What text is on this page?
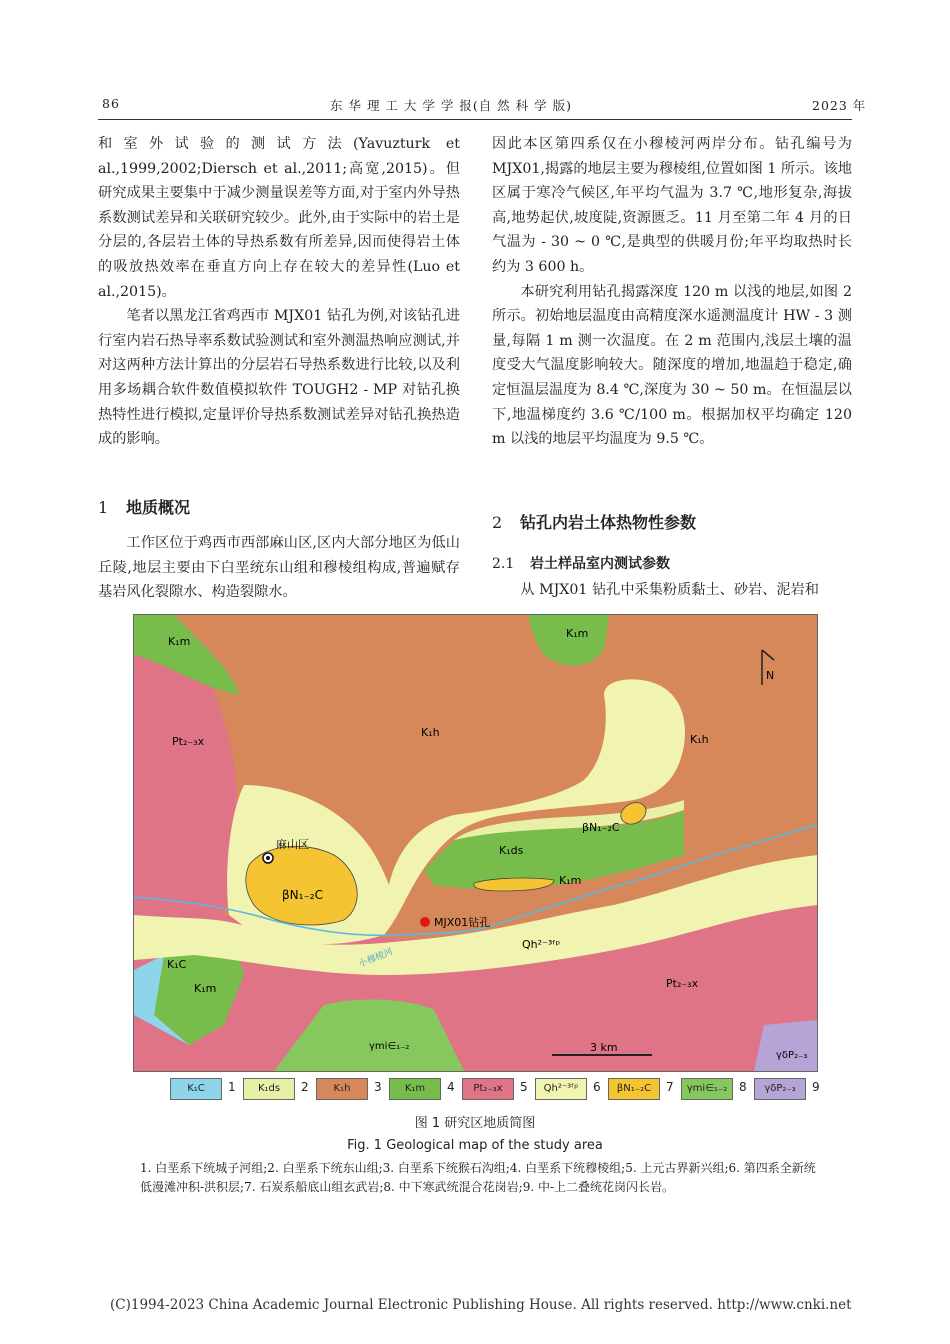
86	东 华 理 工 大 学 学 报(自 然 科 学 版)	2023 年

和室外试验的测试方法(Yavuzturk et al.,1999,2002;Diersch et al.,2011;高宽,2015)。但研究成果主要集中于减少测量误差等方面,对于室内外导热系数测试差异和关联研究较少。此外,由于实际中的岩土是分层的,各层岩土体的导热系数有所差异,因而使得岩土体的吸放热效率在垂直方向上存在较大的差异性(Luo et al.,2015)。

笔者以黑龙江省鸡西市 MJX01 钻孔为例,对该钻孔进行室内岩石热导率系数试验测试和室外测温热响应测试,并对这两种方法计算出的分层岩石导热系数进行比较,以及利用多场耦合软件数值模拟软件 TOUGH2 - MP 对钻孔换热特性进行模拟,定量评价导热系数测试差异对钻孔换热造成的影响。

1 地质概况

工作区位于鸡西市西部麻山区,区内大部分地区为低山丘陵,地层主要由下白垩统东山组和穆棱组构成,普遍赋存基岩风化裂隙水、构造裂隙水。

因此本区第四系仅在小穆棱河两岸分布。钻孔编号为 MJX01,揭露的地层主要为穆棱组,位置如图 1 所示。该地区属于寒冷气候区,年平均气温为 3.7 ℃,地形复杂,海拔高,地势起伏,坡度陡,资源匮乏。11 月至第二年 4 月的日气温为 - 30 ~ 0 ℃,是典型的供暖月份;年平均取热时长约为 3 600 h。

本研究利用钻孔揭露深度 120 m 以浅的地层,如图 2 所示。初始地层温度由高精度深水遥测温度计 HW - 3 测量,每隔 1 m 测一次温度。在 2 m 范围内,浅层土壤的温度受大气温度影响较大。随深度的增加,地温趋于稳定,确定恒温层温度为 8.4 ℃,深度为 30 ~ 50 m。在恒温层以下,地温梯度约 3.6 ℃/100 m。根据加权平均确定 120 m 以浅的地层平均温度为 9.5 ℃。

2 钻孔内岩土体热物性参数
2.1 岩土样品室内测试参数

从 MJX01 钻孔中采集粉质黏土、砂岩、泥岩和

K₁m
K₁m
Pt₂₋₃x
K₁h
K₁h
N
βN₁₋₂C
K₁ds
K₁m
麻山区
βN₁₋₂C
MJX01钻孔
Qh²⁻³ᶠᵖ
小穆棱河
K₁C
K₁m	Pt₂₋₃x
γmi∈₁₋₂	3 km
γδP₂₋₃
K₁C	1	K₁ds	2	K₁h	3	K₁m	4	Pt₂₋₃x	5	Qh²⁻³ᶠᵖ	6	βN₁₋₂C	7	γmi∈₁₋₂ 8	γδP₂₋₃	9
图 1 研究区地质简图
Fig. 1 Geological map of the study area
1. 白垩系下统城子河组;2. 白垩系下统东山组;3. 白垩系下统猴石沟组;4. 白垩系下统穆棱组;5. 上元古界新兴组;6. 第四系全新统低漫滩冲积-洪积层;7. 石炭系船底山组玄武岩;8. 中下寒武统混合花岗岩;9. 中-上二叠统花岗闪长岩。
(C)1994-2023 China Academic Journal Electronic Publishing House. All rights reserved. http://www.cnki.net
